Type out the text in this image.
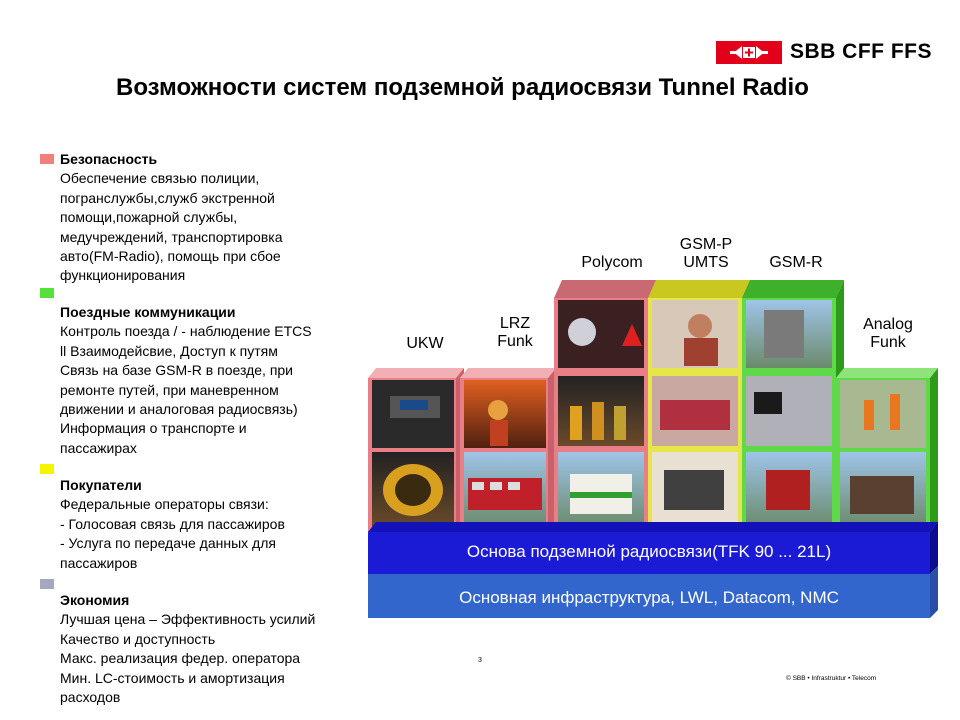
SBB CFF FFS
Возможности систем подземной радиосвязи Tunnel Radio
Безопасность
Обеспечение связью полиции,
погранслужбы,служб экстренной
помощи,пожарной службы,
медучреждений, транспортировка
авто(FM-Radio), помощь при сбое
функционирования
Поездные коммуникации
Контроль поезда / - наблюдение ETCS
ll Взаимодейсвие, Доступ к путям
Связь на базе GSM-R в поезде, при
ремонте путей, при маневренном
движении и аналоговая радиосвязь)
Информация о транспорте и
пассажирах
Покупатели
Федеральные операторы связи:
- Голосовая связь для пассажиров
- Услуга по передаче данных для
пассажиров
Экономия
Лучшая цена – Эффективность усилий
Качество и доступность
Макс. реализация федер. оператора
Мин. LC-стоимость и амортизация
расходов
UKW
LRZ
Funk
Polycom
GSM-P
UMTS	GSM-R
Analog
Funk
Основа подземной радиосвязи(TFK 90 ... 21L)
Основная инфраструктура, LWL, Datacom, NMC
3
© SBB • Infrastruktur • Telecom
